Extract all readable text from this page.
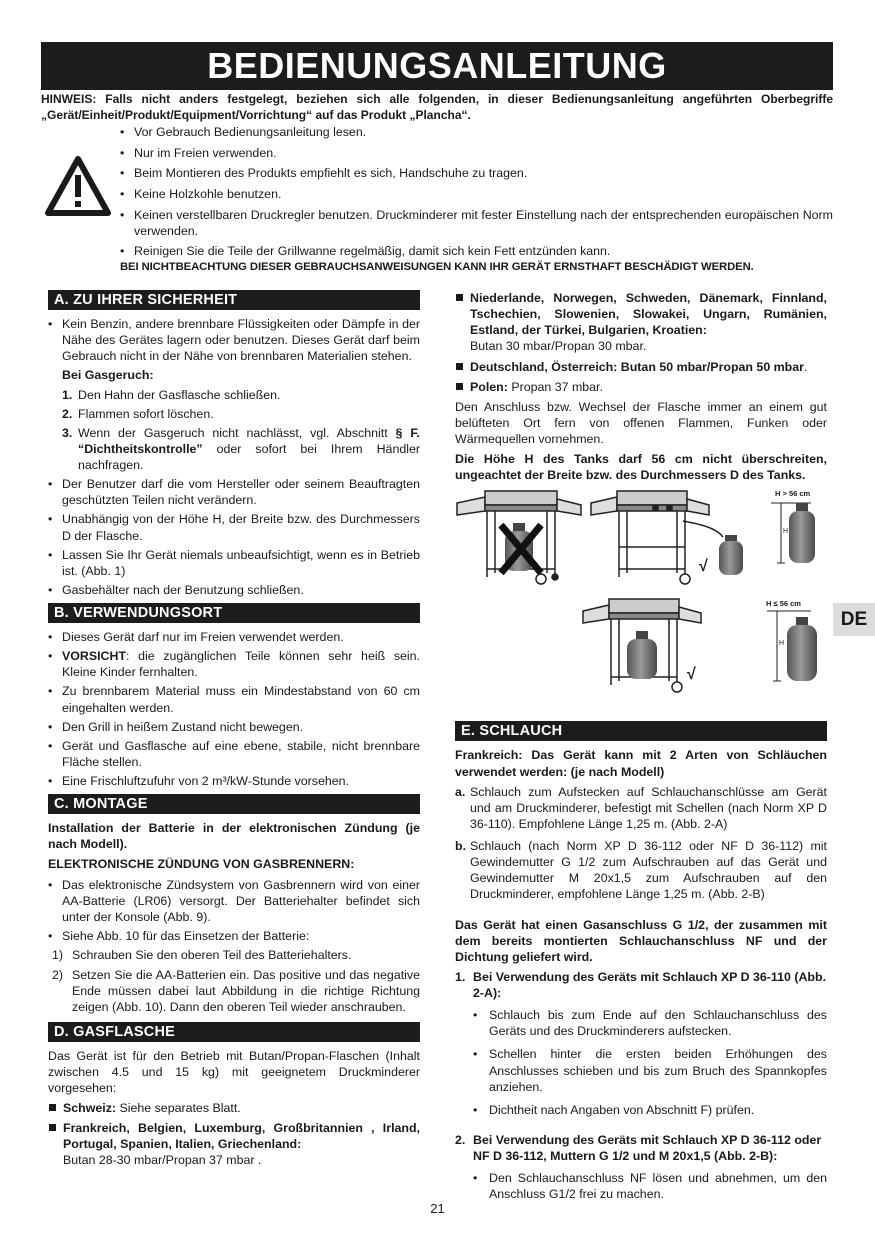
BEDIENUNGSANLEITUNG
HINWEIS: Falls nicht anders festgelegt, beziehen sich alle folgenden, in dieser Bedienungsanleitung angeführten Oberbegriffe „Gerät/Einheit/Produkt/Equipment/Vorrichtung“ auf das Produkt „Plancha“.
• Vor Gebrauch Bedienungsanleitung lesen.
• Nur im Freien verwenden.
• Beim Montieren des Produkts empfiehlt es sich, Handschuhe zu tragen.
• Keine Holzkohle benutzen.
• Keinen verstellbaren Druckregler benutzen. Druckminderer mit fester Einstellung nach der entsprechenden europäischen Norm verwenden.
• Reinigen Sie die Teile der Grillwanne regelmäßig, damit sich kein Fett entzünden kann.
BEI NICHTBEACHTUNG DIESER GEBRAUCHSANWEISUNGEN KANN IHR GERÄT ERNSTHAFT BESCHÄDIGT WERDEN.
A. ZU IHRER SICHERHEIT
• Kein Benzin, andere brennbare Flüssigkeiten oder Dämpfe in der Nähe des Gerätes lagern oder benutzen. Dieses Gerät darf beim Gebrauch nicht in der Nähe von brennbaren Materialien stehen.
Bei Gasgeruch:
1. Den Hahn der Gasflasche schließen.
2. Flammen sofort löschen.
3. Wenn der Gasgeruch nicht nachlässt, vgl. Abschnitt § F. “Dichtheitskontrolle” oder sofort bei Ihrem Händler nachfragen.
• Der Benutzer darf die vom Hersteller oder seinem Beauftragten geschützten Teilen nicht verändern.
• Unabhängig von der Höhe H, der Breite bzw. des Durchmessers D der Flasche.
• Lassen Sie Ihr Gerät niemals unbeaufsichtigt, wenn es in Betrieb ist. (Abb. 1)
• Gasbehälter nach der Benutzung schließen.
B. VERWENDUNGSORT
• Dieses Gerät darf nur im Freien verwendet werden.
• VORSICHT: die zugänglichen Teile können sehr heiß sein. Kleine Kinder fernhalten.
• Zu brennbarem Material muss ein Mindestabstand von 60 cm eingehalten werden.
• Den Grill in heißem Zustand nicht bewegen.
• Gerät und Gasflasche auf eine ebene, stabile, nicht brennbare Fläche stellen.
• Eine Frischluftzufuhr von 2 m³/kW-Stunde vorsehen.
C. MONTAGE
Installation der Batterie in der elektronischen Zündung (je nach Modell).
ELEKTRONISCHE ZÜNDUNG VON GASBRENNERN:
• Das elektronische Zündsystem von Gasbrennern wird von einer AA-Batterie (LR06) versorgt. Der Batteriehalter befindet sich unter der Konsole (Abb. 9).
• Siehe Abb. 10 für das Einsetzen der Batterie:
1) Schrauben Sie den oberen Teil des Batteriehalters.
2) Setzen Sie die AA-Batterien ein. Das positive und das negative Ende müssen dabei laut Abbildung in die richtige Richtung zeigen (Abb. 10). Dann den oberen Teil wieder anschrauben.
D. GASFLASCHE

Das Gerät ist für den Betrieb mit Butan/Propan-Flaschen (Inhalt zwischen 4.5 und 15 kg) mit geeignetem Druckminderer vorgesehen:

Schweiz: Siehe separates Blatt.
Frankreich, Belgien, Luxemburg, Großbritannien , Irland, Portugal, Spanien, Italien, Griechenland:
Butan 28-30 mbar/Propan 37 mbar .
Niederlande, Norwegen, Schweden, Dänemark, Finnland, Tschechien, Slowenien, Slowakei, Ungarn, Rumänien, Estland, der Türkei, Bulgarien, Kroatien:
Butan 30 mbar/Propan 30 mbar.
Deutschland, Österreich: Butan 50 mbar/Propan 50 mbar.
Polen: Propan 37 mbar.

Den Anschluss bzw. Wechsel der Flasche immer an einem gut belüfteten Ort fern von offenen Flammen, Funken oder Wärmequellen vornehmen.

Die Höhe H des Tanks darf 56 cm nicht überschreiten, ungeachtet der Breite bzw. des Durchmessers D des Tanks.
H > 56 cm
H
√
H ≤ 56 cm
H
√
E. SCHLAUCH
Frankreich: Das Gerät kann mit 2 Arten von Schläuchen verwendet werden: (je nach Modell)
a. Schlauch zum Aufstecken auf Schlauchanschlüsse am Gerät und am Druckminderer, befestigt mit Schellen (nach Norm XP D 36-110). Empfohlene Länge 1,25 m. (Abb. 2-A)
b. Schlauch (nach Norm XP D 36-112 oder NF D 36-112) mit Gewindemutter G 1/2 zum Aufschrauben auf das Gerät und Gewindemutter M 20x1,5 zum Aufschrauben auf den Druckminderer, empfohlene Länge 1,25 m. (Abb. 2-B)
Das Gerät hat einen Gasanschluss G 1/2, der zusammen mit dem bereits montierten Schlauchanschluss NF und der Dichtung geliefert wird.
1. Bei Verwendung des Geräts mit Schlauch XP D 36-110 (Abb. 2-A):
• Schlauch bis zum Ende auf den Schlauchanschluss des Geräts und des Druckminderers aufstecken.
• Schellen hinter die ersten beiden Erhöhungen des Anschlusses schieben und bis zum Bruch des Spannkopfes anziehen.
• Dichtheit nach Angaben von Abschnitt F) prüfen.
2. Bei Verwendung des Geräts mit Schlauch XP D 36-112 oder NF D 36-112, Muttern G 1/2 und M 20x1,5 (Abb. 2-B):
• Den Schlauchanschluss NF lösen und abnehmen, um den Anschluss G1/2 frei zu machen.
DE
21
